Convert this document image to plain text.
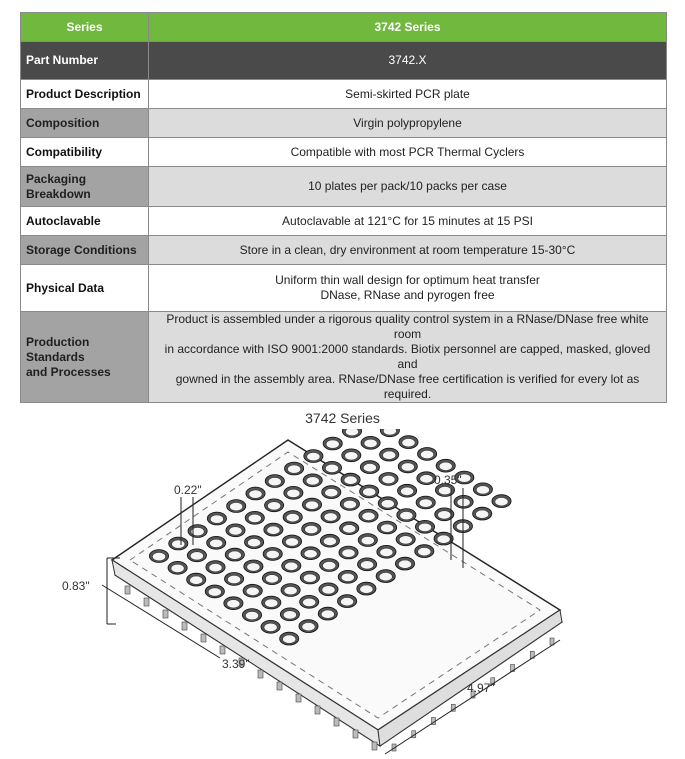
Series	3742 Series
Part Number	3742.X
Product Description	Semi-skirted PCR plate
Composition	Virgin polypropylene
Compatibility	Compatible with most PCR Thermal Cyclers
Packaging
Breakdown	10 plates per pack/10 packs per case
Autoclavable	Autoclavable at 121°C for 15 minutes at 15 PSI
Storage Conditions	Store in a clean, dry environment at room temperature 15-30°C
Physical Data	Uniform thin wall design for optimum heat transfer
DNase, RNase and pyrogen free
Production Standards
and Processes	Product is assembled under a rigorous quality control system in a RNase/DNase free white room
in accordance with ISO 9001:2000 standards. Biotix personnel are capped, masked, gloved and
gowned in the assembly area. RNase/DNase free certification is verified for every lot as required.
3742 Series
0.22"
0.35"
0.83"
3.39"
4.97"
